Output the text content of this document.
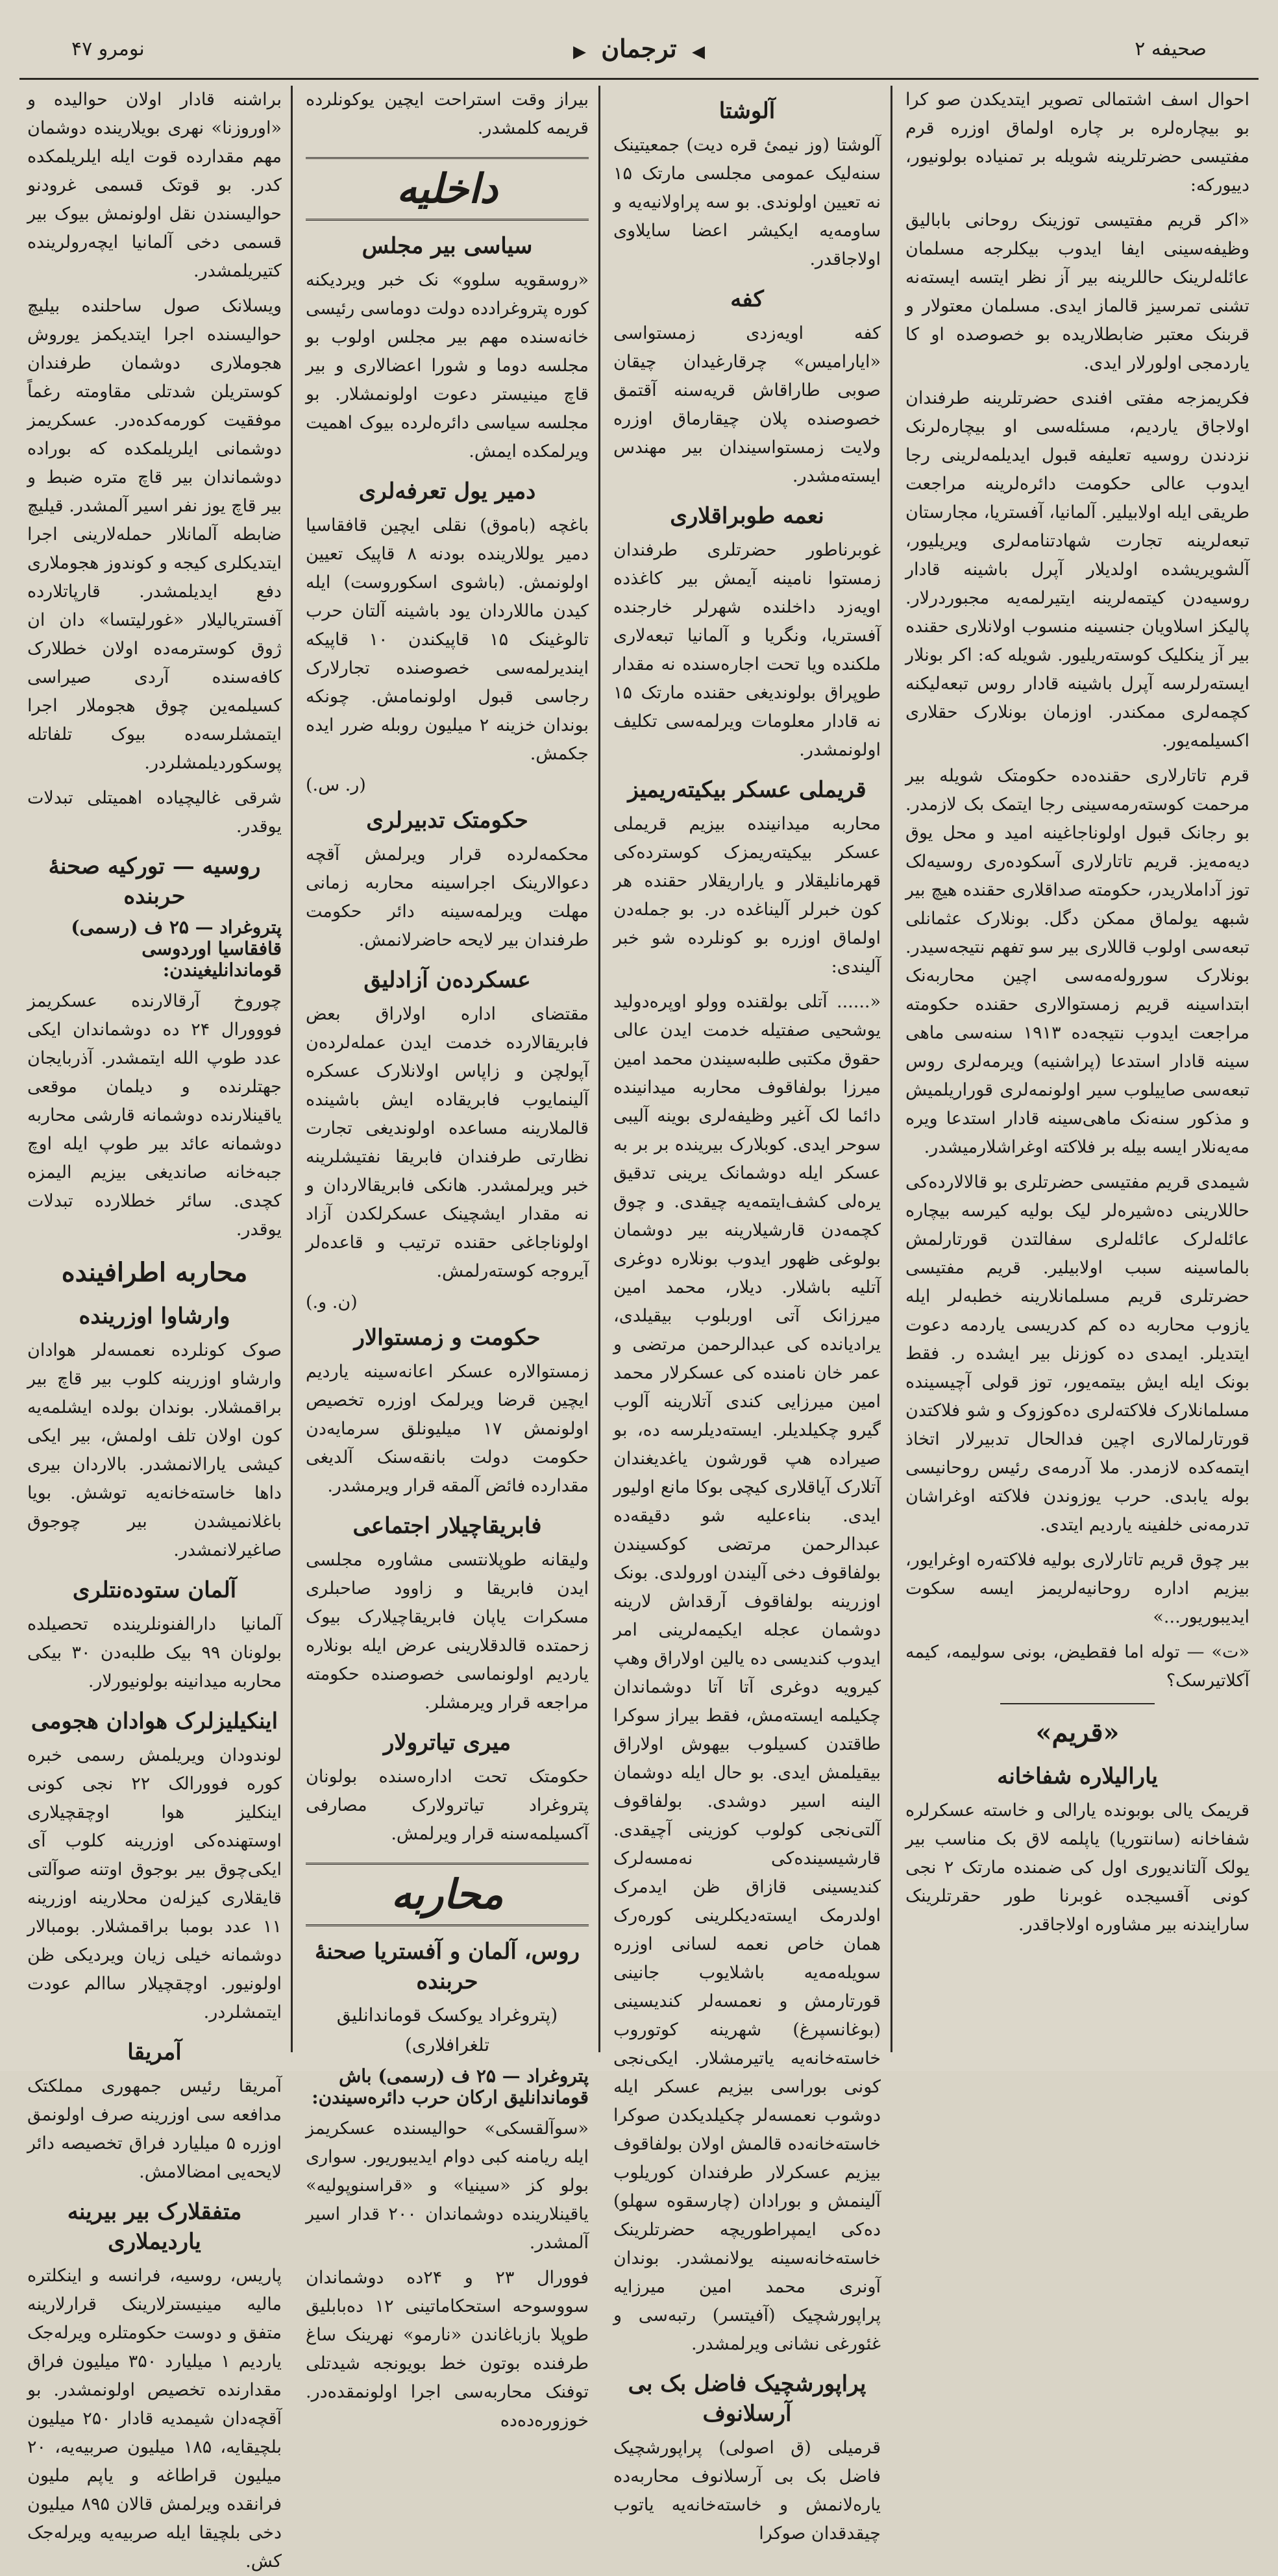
نومرو ۴۷	◀ ترجمان ▶	صحیفه ۲

احوال اسف اشتمالی تصویر ایتدیکدن صو کرا بو بیچاره‌لره بر چاره اولماق اوزره قرم مفتیسی حضرتلرینه شویله بر تمنیاده بولونیور، دییورکه:

«اکر قریم مفتیسی توزینک روحانی بابالیق وظیفه‌سینی ایفا ایدوب بیکلرجه مسلمان عائله‌لرینک حاللرینه بیر آز نظر ایتسه ایسته‌نه تشنی تمرسیز قالماز ایدی. مسلمان معتولار و قربنک معتبر ضابطلاریده بو خصوصده او کا یاردمجی اولورلار ایدی.

فکریمزجه مفتی افندی حضرتلرینه طرفندان اولاجاق یاردیم، مسئله‌سی او بیچاره‌لرنک نزدندن روسیه تعلیفه قبول ایدیلمه‌لرینی رجا ایدوب عالی حکومت دائره‌لرینه مراجعت طریقی ایله اولابیلیر. آلمانیا، آفستریا، مجارستان تبعه‌لرینه تجارت شهادتنامه‌لری ویریلیور، آلشویریشده اولدیلار آپرل باشینه قادار روسیه‌دن کیتمه‌لرینه ایتیرلمه‌یه مجبوردرلار. پالیکز اسلاویان جنسینه منسوب اولانلاری حقنده بیر آز ینکلیک کوسته‌ریلیور. شویله که: اکر بونلار ایسته‌رلرسه آپرل باشینه قادار روس تبعه‌لیکنه کچمه‌لری ممکندر. اوزمان بونلارک حقلاری اکسیلمه‌یور.

قرم تاتارلاری حقنده‌ده حکومتک شویله بیر مرحمت کوسته‌رمه‌سینی رجا ایتمک بک لازمدر. بو رجانک قبول اولوناجاغینه امید و محل یوق دیه‌مه‌یز. قریم تاتارلاری آسکوده‌ری روسیه‌لک توز آداملاریدر، حکومته صداقلاری حقنده هیچ بیر شبهه یولماق ممکن دگل. بونلارک عثمانلی تبعه‌سی اولوب قاللاری بیر سو تفهم نتیجه‌سیدر. بونلارک سوروله‌مه‌سی اچین محاربه‌نک ابتداسینه قریم زمستوالاری حقنده حکومته مراجعت ایدوب نتیجه‌ده ۱۹۱۳ سنه‌سی ماهی سینه قادار استدعا (پراشنیه) ویرمه‌لری روس تبعه‌سی صاییلوب سیر اولونمه‌لری قوراریلمیش و مذکور سنه‌نک ماهی‌سینه قادار استدعا ویره مه‌یه‌نلار ایسه بیله بر فلاکته اوغراشلارمیشدر.

شیمدی قریم مفتیسی حضرتلری بو قالالارده‌کی حاللارینی ده‌شیره‌لر لیک بولیه کیرسه بیچاره عائله‌لرک عائله‌لری سفالتدن قورتارلمش بالماسینه سبب اولابیلیر. قریم مفتیسی حضرتلری قریم مسلمانلارینه خطبه‌لر ایله یازوب محاربه ده کم کدریسی یاردمه دعوت ایتدیلر. ایمدی ده کوزنل بیر ایشده ر. فقط بونک ایله ایش بیتمه‌یور، توز قولی آچیسینده مسلمانلارک فلاکته‌لری ده‌کوزوک و شو فلاکتدن قورتارلمالاری اچین فدالحال تدبیرلار اتخاذ ایتمه‌کده لازمدر. ملا آدرمه‌ی رئیس روحانیسی بوله یابدی. حرب یوزوندن فلاکته اوغراشان تدرمه‌نی خلفینه یاردیم ایتدی.

بیر چوق قریم تاتارلاری بولیه فلاکته‌ره اوغرایور، بیزیم اداره روحانیه‌لریمز ایسه سکوت ایدیبوریور...»

«ت» — توله اما فقطیض، بونی سولیمه، کیمه آکلاتیرسک؟

«قریم»
یارالیلاره شفاخانه

قریمک یالی بوبونده یارالی و خاسته عسکرلره شفاخانه (سانتوریا) یاپلمه لاق بک مناسب بیر یولک آلتاندیوری اول کی ضمنده مارتک ۲ نجی کونی آقسیجده غوبرنا طور حقرتلرینک سارایندنه بیر مشاوره اولاجاقدر.

آلوشتا

آلوشتا (وز نیمیٔ قره دیت) جمعیتینک سنه‌لیک عمومی مجلسی مارتک ۱۵ نه تعیین اولوندی. بو سه پراولانیه‌یه و ساومه‌یه ایکیشر اعضا سایلاوی اولاجاقدر.

کفه

کفه اویه‌زدی زمستواسی «ایارامیس» چرقارغیدان چیقان صوبی طاراقاش قریه‌سنه آقتمق خصوصنده پلان چیقارماق اوزره ولایت زمستواسیندان بیر مهندس ایسته‌مشدر.

نعمه طوبراقلاری

غوبرناطور حضرتلری طرفندان زمستوا نامینه آیمش بیر کاغذده اویه‌زد داخلنده شهرلر خارجنده آفستریا، ونگریا و آلمانیا تبعه‌لاری ملکنده ویا تحت اجاره‌سنده نه مقدار طوپراق بولوندیغی حقنده مارتک ۱۵ نه قادار معلومات ویرلمه‌سی تکلیف اولونمشدر.

قریملی عسکر بیکیته‌ریمیز

محاربه میدانینده بیزیم قریملی عسکر بیکیته‌ریمزک کوسترده‌کی قهرمانلیقلار و یاراریقلار حقنده هر کون خبرلر آلیناغده در. بو جمله‌دن اولماق اوزره بو کونلرده شو خبر آلیندی:

«...... آتلی بولقنده وولو اوپره‌دولید یوشحیی صفتیله خدمت ایدن عالی حقوق مکتبی طلبه‌سیندن محمد امین میرزا بولفاقوف محاربه میدانینده دائما لک آغیر وظیفه‌لری بوینه آلیبی سوحر ایدی. کوبلارک بیرینده بر بر به عسکر ایله دوشمانک یرینی تدقیق یره‌لی کشف‌ایتمه‌یه چیقدی. و چوق کچمه‌دن قارشیلارینه بیر دوشمان بولوغی ظهور ایدوب بونلاره دوغری آتلیه باشلار. دیلار، محمد امین میرزانک آتی اوربلوب بیقیلدی، یرادیانده کی عبدالرحمن مرتضی و عمر خان نامنده کی عسکرلار محمد امین میرزایی کندی آتلارینه آلوب گیرو چکیلدیلر. ایسته‌دیلرسه ده، بو صیراده هپ قورشون یاغدیغندان آتلارک آیاقلاری کیچی بوکا مانع اولیور ایدی. بناءعلیه شو دقیقه‌ده عبدالرحمن مرتضی کوکسیندن بولفاقوف دخی آلیندن اورولدی. بونک اوزرینه بولفاقوف آرقداش لارینه دوشمان عجله ایکیمه‌لرینی امر ایدوب کندیسی ده یالین اولاراق وهپ کیرویه دوغری آتا آتا دوشماندان چکیلمه ایسته‌مش، فقط بیراز سوکرا طاقتدن کسیلوب بیهوش اولاراق بیقیلمش ایدی. بو حال ایله دوشمان الینه اسیر دوشدی. بولفاقوف آلتی‌نجی کولوب کوزینی آچیقدی. قارشیسینده‌کی نه‌مسه‌لرک کندیسینی قازاق ظن ایدمرک اولدرمک ایسته‌دیکلرینی کوره‌رک همان خاص نعمه لسانی اوزره سویله‌مه‌یه باشلایوب جانینی قورتارمش و نعمسه‌لر کندیسینی (بوغانسپرغ) شهرینه کوتوروب خاسته‌خانه‌یه یاتیرمشلار. ایکی‌نجی کونی بوراسی بیزیم عسکر ایله دوشوب نعمسه‌لر چکیلدیکدن صوکرا خاسته‌خانه‌ده قالمش اولان بولفاقوف بیزیم عسکرلار طرفندان کوریلوب آلینمش و بورادان (چارسقوه سهلو) ده‌کی ایمپراطوریچه حضرتلرینک خاسته‌خانه‌سینه یولانمشدر. بوندان آونری محمد امین میرزایه پراپورشچیک (آفیتسر) رتبه‌سی و غئورغی نشانی ویرلمشدر.

پراپورشچیک فاضل بک بی آرسلانوف

قرمیلی (ق اصولی) پراپورشچیک فاضل بک بی آرسلانوف محاربه‌ده یاره‌لانمش و خاسته‌خانه‌یه یاتوب چیقدقدان صوکرا

بیراز وقت استراحت ایچین یوکونلرده قریمه کلمشدر.

داخلیه
سیاسی بیر مجلس

«روسقویه سلوو» نک خبر ویردیکنه کوره پتروغرادده دولت دوماسی رئیسی خانه‌سنده مهم بیر مجلس اولوب بو مجلسه دوما و شورا اعضالاری و بیر قاچ مینیستر دعوت اولونمشلار. بو مجلسه سیاسی دائره‌لرده بیوک اهمیت ویرلمکده ایمش.

دمیر یول تعرفه‌لری

باغچه (باموق) نقلی ایچین قافقاسیا دمیر یوللارینده بودنه ۸ قاپیک تعیین اولونمش. (باشوی اسکوروست) ایله کیدن ماللاردان یود باشینه آلتان حرب تالوغینک ۱۵ قاپیکندن ۱۰ قاپیکه ایندیرلمه‌سی خصوصنده تجارلارک رجاسی قبول اولونمامش. چونکه بوندان خزینه ۲ میلیون روبله ضرر ایده جکمش.

(ر. س.)
حکومتک تدبیرلری

محکمه‌لرده قرار ویرلمش آقچه دعوالارینک اجراسینه محاربه زمانی مهلت ویرلمه‌سینه دائر حکومت طرفندان بیر لایحه حاضرلانمش.

عسکرده‌ن آزادلیق

مقتضای اداره اولاراق بعض فابریقالارده خدمت ایدن عمله‌لرده‌ن آپولچن و زاپاس اولانلارک عسکره آلینمایوب فابریقاده ایش باشینده قالملارینه مساعده اولوندیغی تجارت نظارتی طرفندان فابریقا نفتیشلرینه خبر ویرلمشدر. هانکی فابریقالاردان و نه مقدار ایشچینک عسکرلکدن آزاد اولوناجاغی حقنده ترتیب و قاعده‌لر آیروجه کوسته‌رلمش.

(ن. و.)
حکومت و زمستوالار

زمستوالاره عسکر اعانه‌سینه یاردیم ایچین قرضا ویرلمک اوزره تخصیص اولونمش ۱۷ میلیونلق سرمایه‌دن حکومت دولت بانقه‌سنک آلدیغی مقدارده فائض آلمقه قرار ویرمشدر.

فابریقاچیلار اجتماعی

ولیقانه طوپلانتسی مشاوره مجلسی ایدن فابریقا و زاوود صاحبلری مسکرات یاپان فابریقاچیلارک بیوک زحمتده قالدقلارینی عرض ایله بونلاره یاردیم اولونماسی خصوصنده حکومته مراجعه قرار ویرمشلر.

میری تیاترولار

حکومتک تحت اداره‌سنده بولونان پتروغراد تیاترولارک مصارفی آکسیلمه‌سنه قرار ویرلمش.

محاربه
روس، آلمان و آفستریا صحنهٔ حربنده
(پتروغراد یوکسک قوماندانلیق تلغرافلاری)
پتروغراد — ۲۵ ف (رسمی) باش قوماندانلیق ارکان حرب دائره‌سیندن:

«سوآلقسکی» حوالیسنده عسکریمز ایله ریامنه کبی دوام ایدیبوریور. سواری بولو کز «سینیا» و «قراسنوپولیه» یاقینلارینده دوشماندان ۲۰۰ قدار اسیر آلمشدر.

فوورال ۲۳ و ۲۴ده دوشماندان سووسوحه استحکاماتینی ۱۲ ده‌بابلیق طوپلا بازباغاندن «نارمو» نهرینک ساغ طرفنده بوتون خط بویونجه شیدتلی توفنک محاربه‌سی اجرا اولونمقده‌در. خوزو‌ره‌ده‌ده

براشنه قادار اولان حوالیده و «اوروزنا» نهری بویلارینده دوشمان مهم مقدارده قوت ایله ایلریلمکده کدر. بو قوتک قسمی غرودنو حوالیسندن نقل اولونمش بیوک بیر قسمی دخی آلمانیا ایچه‌رولرینده کتیریلمشدر.

ویسلانک صول ساحلنده بیلیچ حوالیسنده اجرا ایتدیکمز یوروش هجوملاری دوشمان طرفندان کوستریلن شدتلی مقاومته رغماً موفقیت کورمه‌کده‌در. عسکریمز دوشمانی ایلریلمکده که بوراده دوشماندان بیر قاچ متره ضبط و بیر قاچ یوز نفر اسیر آلمشدر. قیلیچ ضابطه آلمانلار حمله‌لارینی اجرا ایتدیکلری کیجه و کوندوز هجوملاری دفع ایدیلمشدر. قارپاتلارده آفستریالیلار «غورلیتسا» دان ان ژوق کوسترمه‌ده اولان خطلارک کافه‌سنده آردی صیراسی کسیلمه‌ین چوق هجوملار اجرا ایتمشلرسه‌ده بیوک تلفاتله پوسکوردیلمشلردر.

شرقی غالیچیاده اهمیتلی تبدلات یوقدر.

روسیه — تورکیه صحنهٔ حربنده
پتروغراد — ۲۵ ف (رسمی) قافقاسیا اوردوسی قوماندانلیغیندن:

چوروخ آرقالارنده عسکریمز فووورال ۲۴ ده دوشماندان ایکی عدد طوپ الله ایتمشدر. آذربایجان جهتلرنده و دیلمان موقعی یاقینلارنده دوشمانه قارشی محاربه دوشمانه عائد بیر طوپ ایله اوچ جبه‌خانه صاندیغی بیزیم الیمزه کچدی. سائر خطلارده تبدلات یوقدر.

محاربه اطرافینده
وارشاوا اوزرینده

صوک کونلرده نعمسه‌لر هوادان وارشاو اوزرینه کلوب بیر قاچ بیر براقمشلار. بوندان بولده ایشلمه‌یه کون اولان تلف اولمش، بیر ایکی کیشی یارالانمشدر. بالاردان بیری داها خاسته‌خانه‌یه توشش. بویا باغلانمیشدن بیر چوجوق صاغیرلانمشدر.

آلمان ستوده‌نتلری

آلمانیا دارالفنونلرینده تحصیلده بولونان ۹۹ بیک طلبه‌دن ۳۰ بیکی محاربه میدانینه بولونیورلار.

اینکیلیزلرک هوادان هجومی

لوندودان ویریلمش رسمی خبره کوره فوورالک ۲۲ نجی کونی اینکلیز هوا اوچقچیلاری اوستهنده‌کی اوزرینه کلوب آی ایکی‌چوق بیر بوجوق اوتنه صوآلتی قایقلاری کیزله‌ن محلارینه اوزرینه ۱۱ عدد بومبا براقمشلار. بومبالار دوشمانه خیلی زیان ویردیکی ظن اولونیور. اوچقچیلار ساالم عودت ایتمشلردر.

آمریقا

آمریقا رئیس جمهوری مملکتک مدافعه سی اوزرینه صرف اولونمق اوزره ۵ میلیارد فراق تخصیصه دائر لایحه‌یی امضالامش.

متفقلارک بیر بیرینه یاردیملاری

پاریس، روسیه، فرانسه و اینکلتره مالیه مینیسترلارینک قرارلارینه متفق و دوست حکومتلره ویرله‌جک یاردیم ۱ میلیارد ۳۵۰ میلیون فراق مقدارنده تخصیص اولونمشدر. بو آقچه‌دان شیمدیه قادار ۲۵۰ میلیون بلچیقا‌یه، ۱۸۵ میلیون صربیه‌یه، ۲۰ میلیون قراطاغه و یاپم ملیون فرانقده ویرلمش قالان ۸۹۵ میلیون دخی بلچیقا ایله صربیه‌یه ویرله‌جک کش.
